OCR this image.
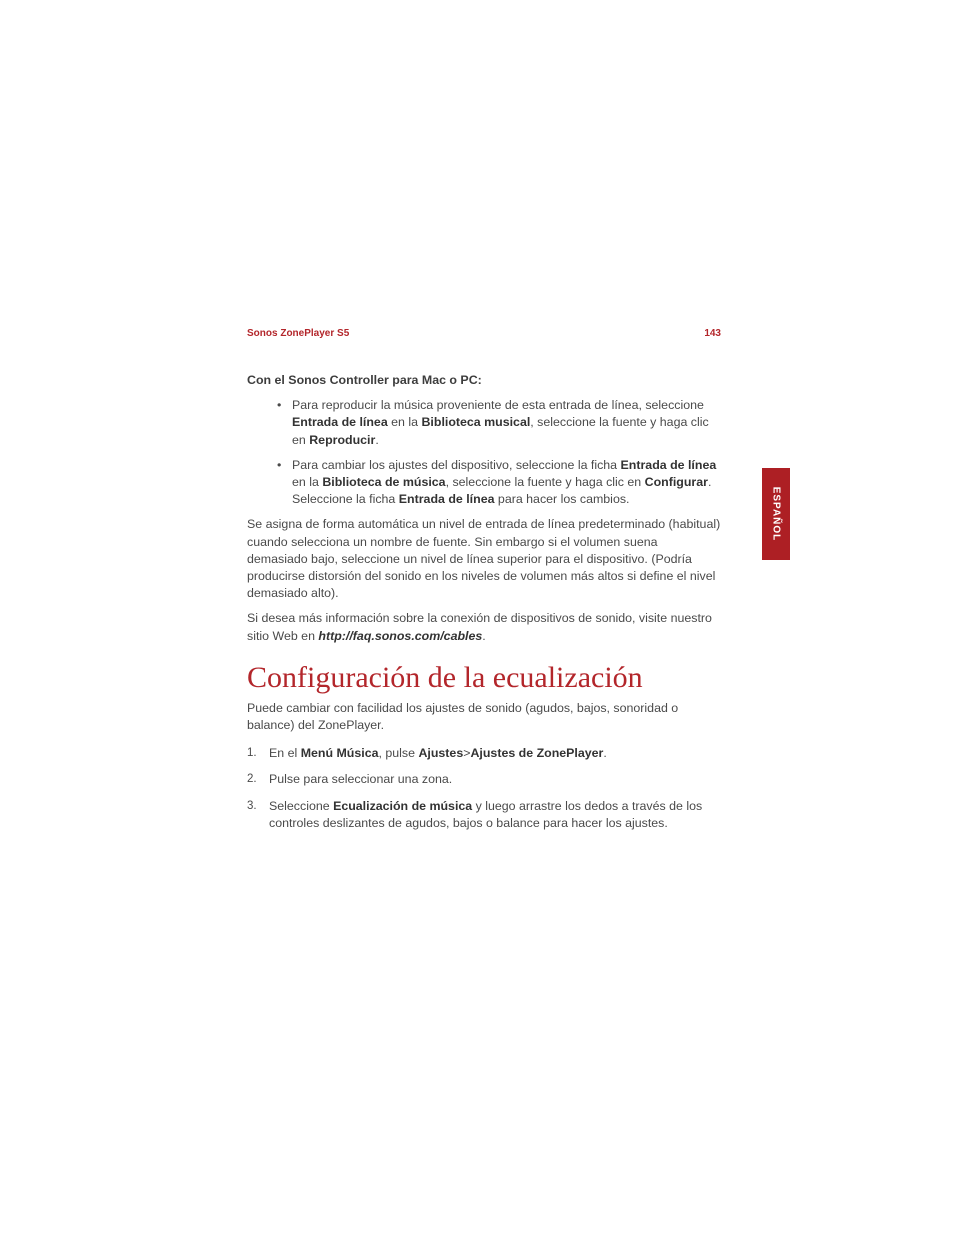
Sonos ZonePlayer S5	143
ESPAÑOL

Con el Sonos Controller para Mac o PC:

• Para reproducir la música proveniente de esta entrada de línea, seleccione Entrada de línea en la Biblioteca musical, seleccione la fuente y haga clic en Reproducir.
• Para cambiar los ajustes del dispositivo, seleccione la ficha Entrada de línea en la Biblioteca de música, seleccione la fuente y haga clic en Configurar. Seleccione la ficha Entrada de línea para hacer los cambios.

Se asigna de forma automática un nivel de entrada de línea predeterminado (habitual) cuando selecciona un nombre de fuente. Sin embargo si el volumen suena demasiado bajo, seleccione un nivel de línea superior para el dispositivo. (Podría producirse distorsión del sonido en los niveles de volumen más altos si define el nivel demasiado alto).

Si desea más información sobre la conexión de dispositivos de sonido, visite nuestro sitio Web en http://faq.sonos.com/cables.

Configuración de la ecualización

Puede cambiar con facilidad los ajustes de sonido (agudos, bajos, sonoridad o balance) del ZonePlayer.

1. En el Menú Música, pulse Ajustes>Ajustes de ZonePlayer.
2. Pulse para seleccionar una zona.
3. Seleccione Ecualización de música y luego arrastre los dedos a través de los controles deslizantes de agudos, bajos o balance para hacer los ajustes.
